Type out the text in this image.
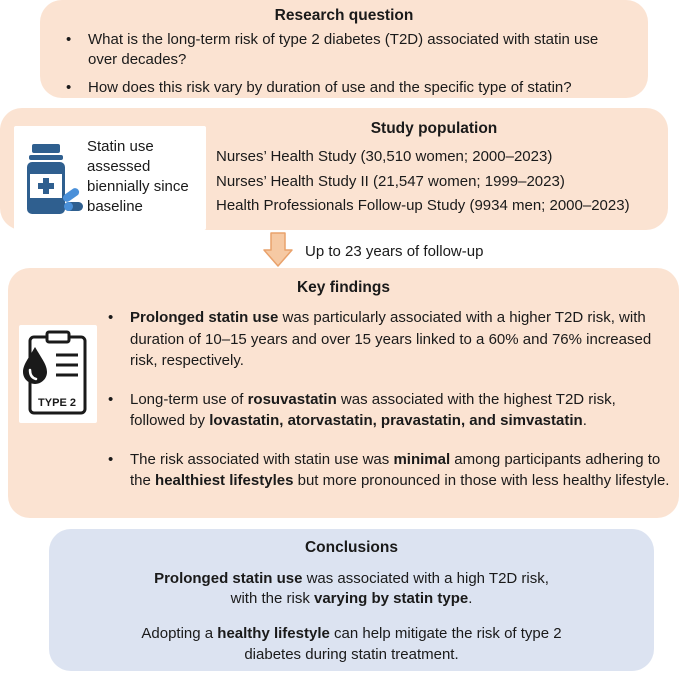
Research question
• What is the long-term risk of type 2 diabetes (T2D) associated with statin use over decades?
• How does this risk vary by duration of use and the specific type of statin?
Statin use
assessed
biennially since
baseline
Study population
Nurses’ Health Study (30,510 women; 2000–2023)
Nurses’ Health Study II (21,547 women; 1999–2023)
Health Professionals Follow-up Study (9934 men; 2000–2023)
Up to 23 years of follow-up
Key findings
TYPE 2
• Prolonged statin use was particularly associated with a higher T2D risk, with duration of 10–15 years and over 15 years linked to a 60% and 76% increased risk, respectively.
• Long-term use of rosuvastatin was associated with the highest T2D risk, followed by lovastatin, atorvastatin, pravastatin, and simvastatin.
• The risk associated with statin use was minimal among participants adhering to the healthiest lifestyles but more pronounced in those with less healthy lifestyle.
Conclusions
Prolonged statin use was associated with a high T2D risk,
with the risk varying by statin type.
Adopting a healthy lifestyle can help mitigate the risk of type 2
diabetes during statin treatment.
